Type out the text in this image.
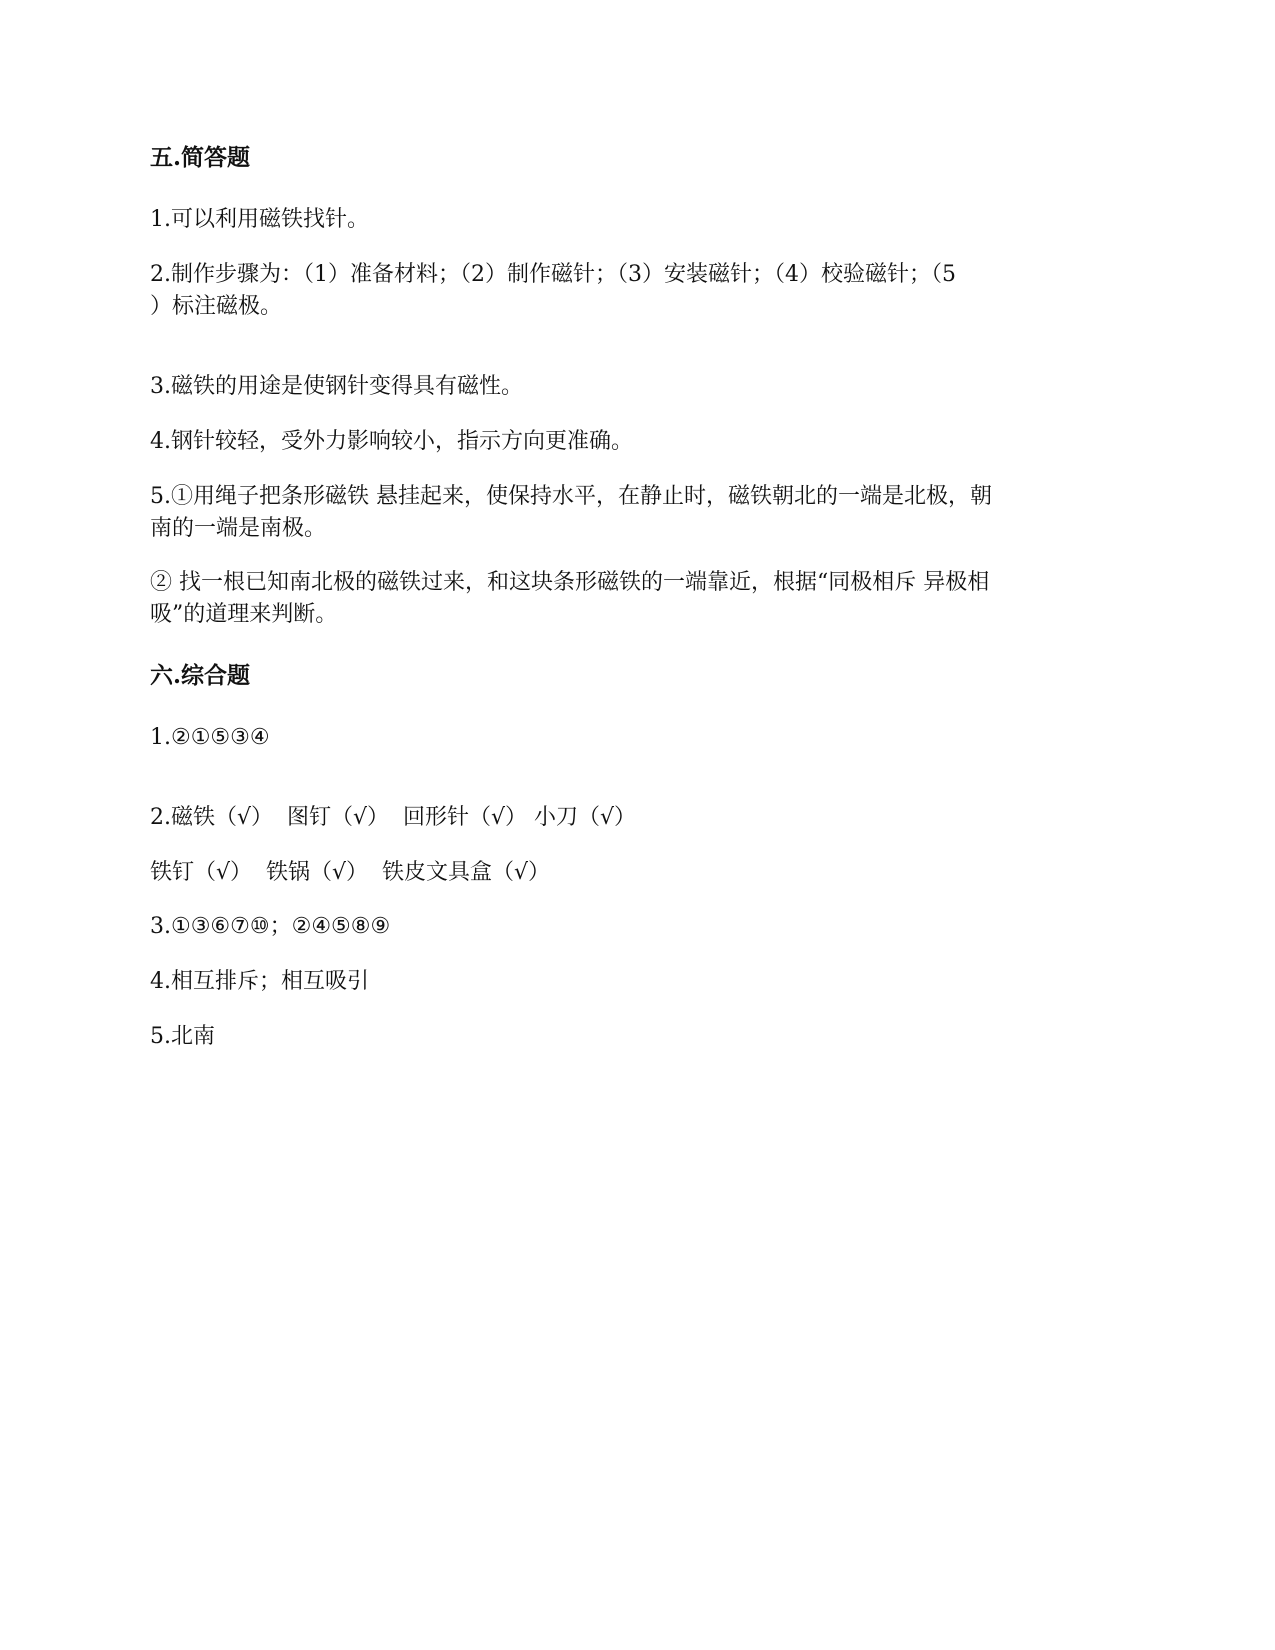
五.简答题
1.可以利用磁铁找针。
2.制作步骤为：（1）准备材料；（2）制作磁针；（3）安装磁针；（4）校验磁针；（5
）标注磁极。
3.磁铁的用途是使钢针变得具有磁性。
4.钢针较轻，受外力影响较小，指示方向更准确。
5.①用绳子把条形磁铁 悬挂起来，使保持水平，在静止时，磁铁朝北的一端是北极，朝
南的一端是南极。
② 找一根已知南北极的磁铁过来，和这块条形磁铁的一端靠近，根据“同极相斥 异极相
吸”的道理来判断。
六.综合题
1.②①⑤③④
2.磁铁（√）  图钉（√）  回形针（√） 小刀（√）
铁钉（√）  铁锅（√）  铁皮文具盒（√）
3.①③⑥⑦⑩；②④⑤⑧⑨
4.相互排斥；相互吸引
5.北南
